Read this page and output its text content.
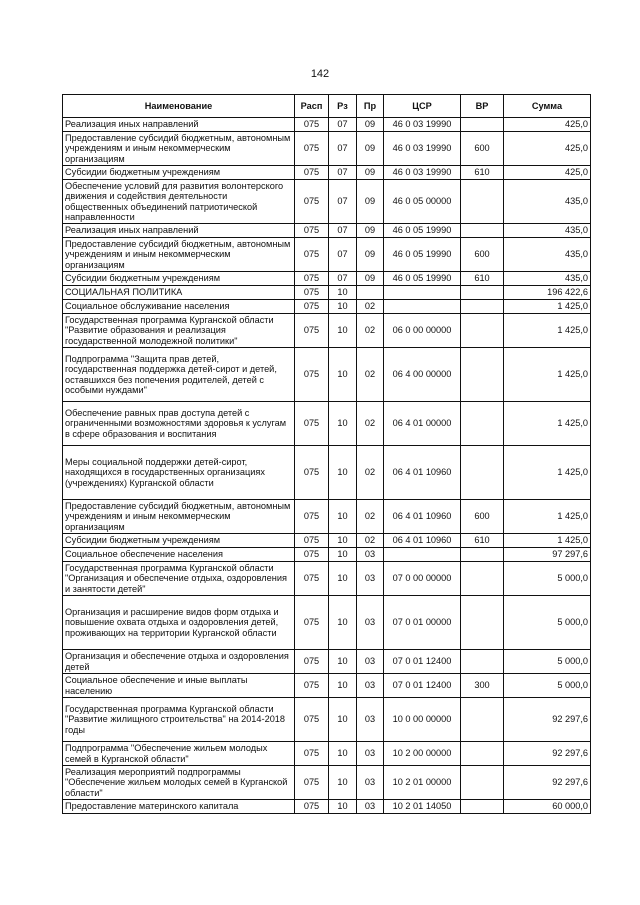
142
Наименование	Расп	Рз	Пр	ЦСР	ВР	Сумма
Реализация иных направлений	075	07	09	46 0 03 19990		425,0
Предоставление субсидий бюджетным, автономным учреждениям и иным некоммерческим организациям	075	07	09	46 0 03 19990	600	425,0
Субсидии бюджетным учреждениям	075	07	09	46 0 03 19990	610	425,0
Обеспечение условий для развития волонтерского движения и содействия деятельности общественных объединений патриотической направленности	075	07	09	46 0 05 00000		435,0
Реализация иных направлений	075	07	09	46 0 05 19990		435,0
Предоставление субсидий бюджетным, автономным учреждениям и иным некоммерческим организациям	075	07	09	46 0 05 19990	600	435,0
Субсидии бюджетным учреждениям	075	07	09	46 0 05 19990	610	435,0
СОЦИАЛЬНАЯ ПОЛИТИКА	075	10				196 422,6
Социальное обслуживание населения	075	10	02			1 425,0
Государственная программа Курганской области "Развитие образования и реализация государственной молодежной политики"	075	10	02	06 0 00 00000		1 425,0
Подпрограмма "Защита прав детей, государственная поддержка детей-сирот и детей, оставшихся без попечения родителей, детей с особыми нуждами"	075	10	02	06 4 00 00000		1 425,0
Обеспечение равных прав доступа детей с ограниченными возможностями здоровья к услугам в сфере образования и воспитания	075	10	02	06 4 01 00000		1 425,0
Меры социальной поддержки детей-сирот, находящихся в государственных организациях (учреждениях) Курганской области	075	10	02	06 4 01 10960		1 425,0
Предоставление субсидий бюджетным, автономным учреждениям и иным некоммерческим организациям	075	10	02	06 4 01 10960	600	1 425,0
Субсидии бюджетным учреждениям	075	10	02	06 4 01 10960	610	1 425,0
Социальное обеспечение населения	075	10	03			97 297,6
Государственная программа Курганской области "Организация и обеспечение отдыха, оздоровления и занятости детей"	075	10	03	07 0 00 00000		5 000,0
Организация и расширение видов форм отдыха и повышение охвата отдыха и оздоровления детей, проживающих на территории Курганской области	075	10	03	07 0 01 00000		5 000,0
Организация и обеспечение отдыха и оздоровления детей	075	10	03	07 0 01 12400		5 000,0
Социальное обеспечение и иные выплаты населению	075	10	03	07 0 01 12400	300	5 000,0
Государственная программа Курганской области "Развитие жилищного строительства" на 2014-2018 годы	075	10	03	10 0 00 00000		92 297,6
Подпрограмма "Обеспечение жильем молодых семей в Курганской области"	075	10	03	10 2 00 00000		92 297,6
Реализация мероприятий подпрограммы "Обеспечение жильем молодых семей в Курганской области"	075	10	03	10 2 01 00000		92 297,6
Предоставление материнского капитала	075	10	03	10 2 01 14050		60 000,0
